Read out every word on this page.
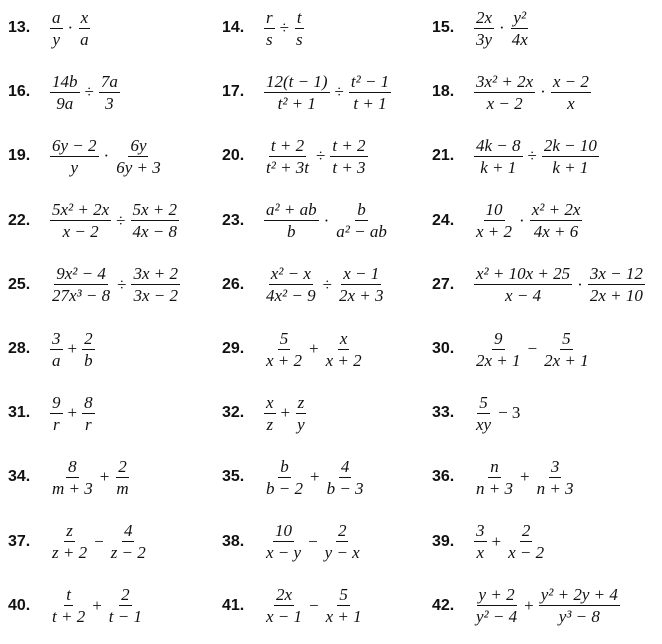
13.	$\frac{a}{y} \cdot \frac{x}{a}$	14.	$\frac{r}{s} \div \frac{t}{s}$	15.	$\frac{2x}{3y} \cdot \frac{\text{y²}}{4x}$
16.	$\frac{14b}{9a} \div \frac{7a}{3}$	17.	$\frac{12(t - 1)}{\text{t² + 1}} \div \frac{\text{t² − 1}}{t + 1}$	18.	$\frac{\text{3x² + 2x}}{x - 2} \cdot \frac{x - 2}{x}$
19.	$\frac{6y - 2}{y} \cdot \frac{6y}{6y + 3}$	20.	$\frac{t + 2}{\text{t² + 3t}} \div \frac{t + 2}{t + 3}$	21.	$\frac{4k - 8}{k + 1} \div \frac{2k - 10}{k + 1}$
22.	$\frac{\text{5x² + 2x}}{x - 2} \div \frac{5x + 2}{4x - 8}$	23.	$\frac{\text{a² + ab}}{b} \cdot \frac{b}{\text{a² − ab}}$	24.	$\frac{10}{x + 2} \cdot \frac{\text{x² + 2x}}{4x + 6}$
25.	$\frac{\text{9x² − 4}}{\text{27x³ − 8}} \div \frac{3x + 2}{3x - 2}$	26.	$\frac{\text{x² − x}}{\text{4x² − 9}} \div \frac{x - 1}{2x + 3}$	27.	$\frac{\text{x² + 10x + 25}}{x - 4} \cdot \frac{3x - 12}{2x + 10}$
28.	$\frac{3}{a} + \frac{2}{b}$	29.	$\frac{5}{x + 2} + \frac{x}{x + 2}$	30.	$\frac{9}{2x + 1} - \frac{5}{2x + 1}$
31.	$\frac{9}{r} + \frac{8}{r}$	32.	$\frac{x}{z} + \frac{z}{y}$	33.	$\frac{5}{xy} - 3$
34.	$\frac{8}{m + 3} + \frac{2}{m}$	35.	$\frac{b}{b - 2} + \frac{4}{b - 3}$	36.	$\frac{n}{n + 3} + \frac{3}{n + 3}$
37.	$\frac{z}{z + 2} - \frac{4}{z - 2}$	38.	$\frac{10}{x - y} - \frac{2}{y - x}$	39.	$\frac{3}{x} + \frac{2}{x - 2}$
40.	$\frac{t}{t + 2} + \frac{2}{t - 1}$	41.	$\frac{2x}{x - 1} - \frac{5}{x + 1}$	42.	$\frac{y + 2}{\text{y² − 4}} + \frac{\text{y² + 2y + 4}}{\text{y³ − 8}}$
